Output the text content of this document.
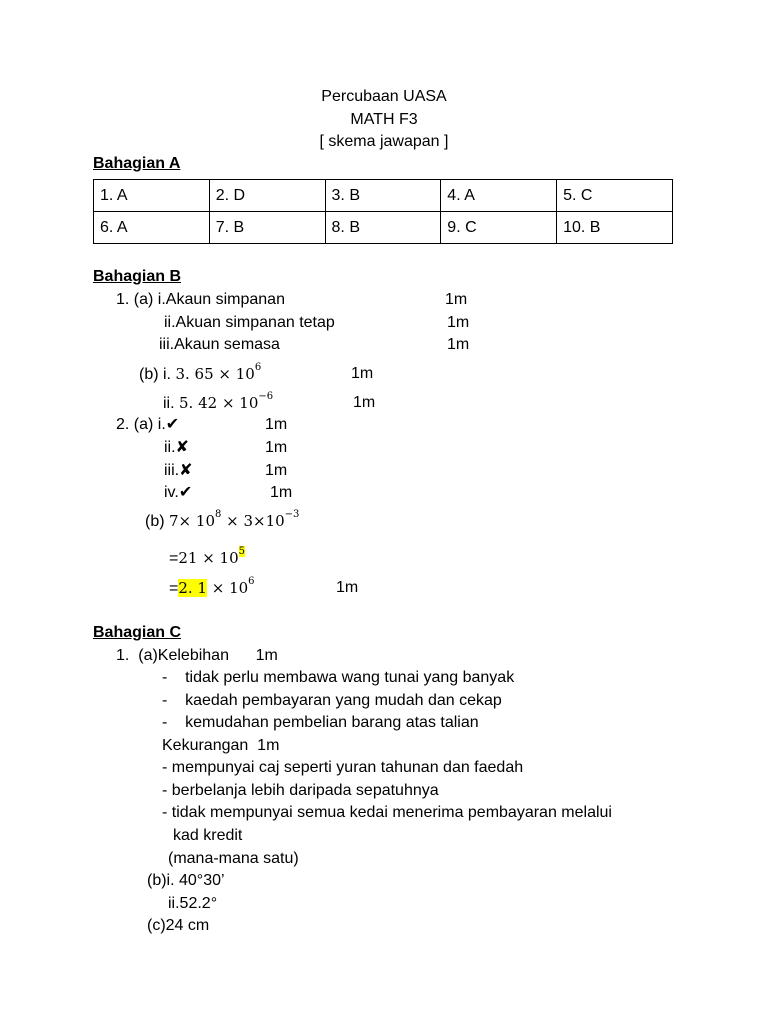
Percubaan UASA
MATH F3
[ skema jawapan ]
Bahagian A
1. A	2. D	3. B	4. A	5. C
6. A	7. B	8. B	9. C	10. B
Bahagian B
1. (a) i.Akaun simpanan	1m
ii.Akuan simpanan tetap	1m
iii.Akaun semasa	1m
(b) i. 3. $65 \times 10^6$	1m
ii. 5. $42 \times 10^{-6}$	1m
2. (a) i.✔	1m
ii.✘	1m
iii.✘	1m
iv.✔	1m
(b) $7\times 10^8 \times 3\times 10^{-3}$
$=21 \times 10^5$
=2. $1 \times 10^6$	1m
Bahagian C
1.  (a)Kelebihan      1m
-    tidak perlu membawa wang tunai yang banyak
-    kaedah pembayaran yang mudah dan cekap
-    kemudahan pembelian barang atas talian
Kekurangan  1m
- mempunyai caj seperti yuran tahunan dan faedah
- berbelanja lebih daripada sepatuhnya
- tidak mempunyai semua kedai menerima pembayaran melalui
kad kredit
(mana-mana satu)
(b)i. 40°30’
ii.52.2°
(c)24 cm
